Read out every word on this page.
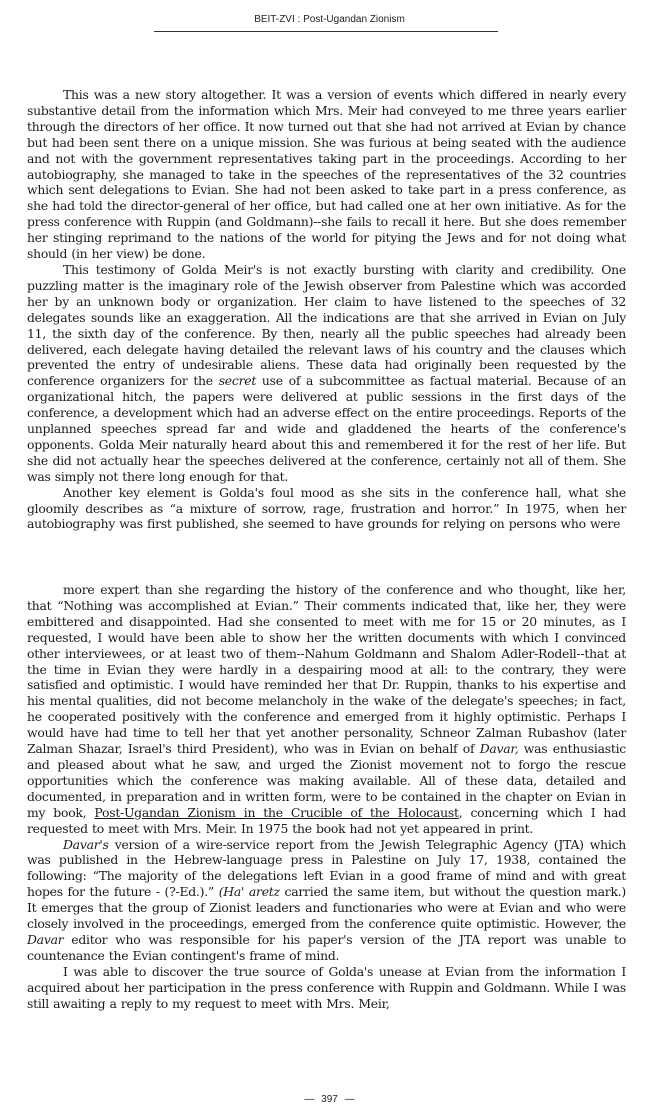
BEIT-ZVI : Post-Ugandan Zionism

This was a new story altogether. It was a version of events which differed in nearly every substantive detail from the information which Mrs. Meir had conveyed to me three years earlier through the directors of her office. It now turned out that she had not arrived at Evian by chance but had been sent there on a unique mission. She was furious at being seated with the audience and not with the government representatives taking part in the proceedings. According to her autobiography, she managed to take in the speeches of the representatives of the 32 countries which sent delegations to Evian. She had not been asked to take part in a press conference, as she had told the director-general of her office, but had called one at her own initiative. As for the press conference with Ruppin (and Goldmann)--she fails to recall it here. But she does remember her stinging reprimand to the nations of the world for pitying the Jews and for not doing what should (in her view) be done.

This testimony of Golda Meir's is not exactly bursting with clarity and credibility. One puzzling matter is the imaginary role of the Jewish observer from Palestine which was accorded her by an unknown body or organization. Her claim to have listened to the speeches of 32 delegates sounds like an exaggeration. All the indications are that she arrived in Evian on July 11, the sixth day of the conference. By then, nearly all the public speeches had already been delivered, each delegate having detailed the relevant laws of his country and the clauses which prevented the entry of undesirable aliens. These data had originally been requested by the conference organizers for the secret use of a subcommittee as factual material. Because of an organizational hitch, the papers were delivered at public sessions in the first days of the conference, a development which had an adverse effect on the entire proceedings. Reports of the unplanned speeches spread far and wide and gladdened the hearts of the conference's opponents. Golda Meir naturally heard about this and remembered it for the rest of her life. But she did not actually hear the speeches delivered at the conference, certainly not all of them. She was simply not there long enough for that.

Another key element is Golda's foul mood as she sits in the conference hall, what she gloomily describes as “a mixture of sorrow, rage, frustration and horror.” In 1975, when her autobiography was first published, she seemed to have grounds for relying on persons who were

more expert than she regarding the history of the conference and who thought, like her, that “Nothing was accomplished at Evian.” Their comments indicated that, like her, they were embittered and disappointed. Had she consented to meet with me for 15 or 20 minutes, as I requested, I would have been able to show her the written documents with which I convinced other interviewees, or at least two of them--Nahum Goldmann and Shalom Adler-Rodell--that at the time in Evian they were hardly in a despairing mood at all: to the contrary, they were satisfied and optimistic. I would have reminded her that Dr. Ruppin, thanks to his expertise and his mental qualities, did not become melancholy in the wake of the delegate's speeches; in fact, he cooperated positively with the conference and emerged from it highly optimistic. Perhaps I would have had time to tell her that yet another personality, Schneor Zalman Rubashov (later Zalman Shazar, Israel's third President), who was in Evian on behalf of Davar, was enthusiastic and pleased about what he saw, and urged the Zionist movement not to forgo the rescue opportunities which the conference was making available. All of these data, detailed and documented, in preparation and in written form, were to be contained in the chapter on Evian in my book, Post-Ugandan Zionism in the Crucible of the Holocaust, concerning which I had requested to meet with Mrs. Meir. In 1975 the book had not yet appeared in print.

Davar's version of a wire-service report from the Jewish Telegraphic Agency (JTA) which was published in the Hebrew-language press in Palestine on July 17, 1938, contained the following: “The majority of the delegations left Evian in a good frame of mind and with great hopes for the future - (?-Ed.).” (Ha' aretz carried the same item, but without the question mark.) It emerges that the group of Zionist leaders and functionaries who were at Evian and who were closely involved in the proceedings, emerged from the conference quite optimistic. However, the Davar editor who was responsible for his paper's version of the JTA report was unable to countenance the Evian contingent's frame of mind.

I was able to discover the true source of Golda's unease at Evian from the information I acquired about her participation in the press conference with Ruppin and Goldmann. While I was still awaiting a reply to my request to meet with Mrs. Meir,

— 397 —
